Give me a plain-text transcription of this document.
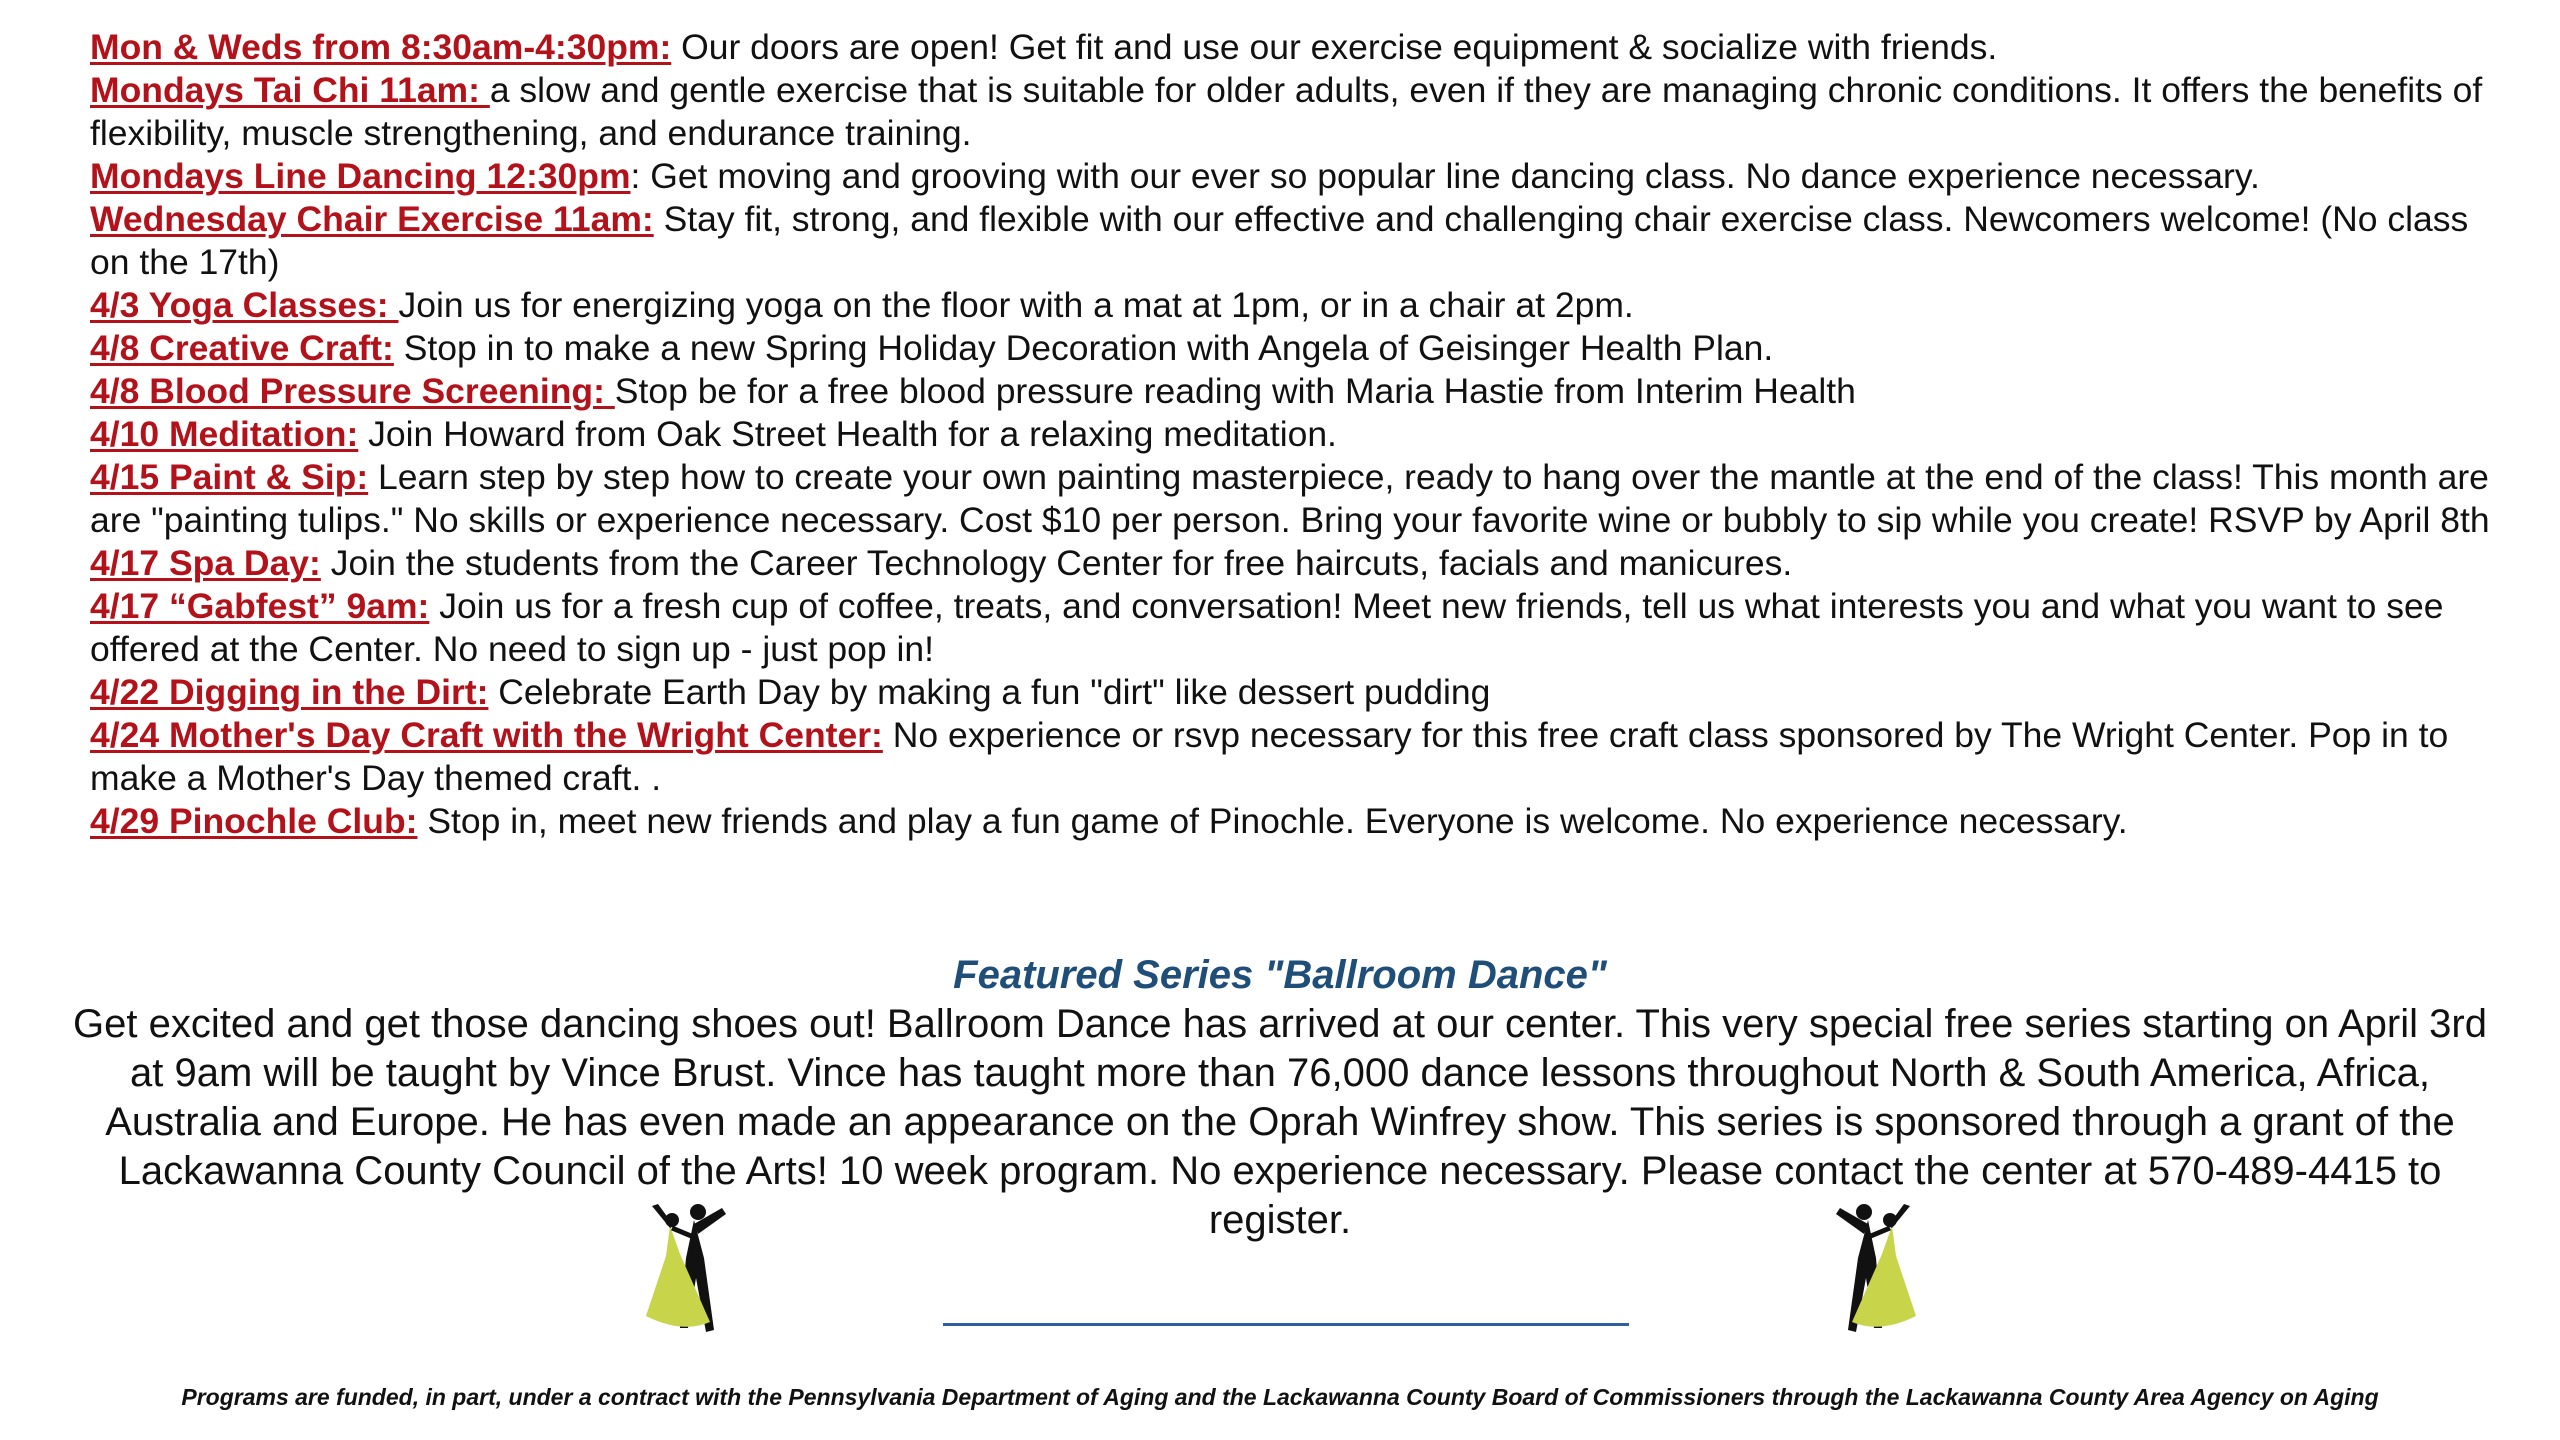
Mon & Weds from 8:30am-4:30pm: Our doors are open! Get fit and use our exercise equipment & socialize with friends.

Mondays Tai Chi 11am: a slow and gentle exercise that is suitable for older adults, even if they are managing chronic conditions. It offers the benefits of flexibility, muscle strengthening, and endurance training.

Mondays Line Dancing 12:30pm: Get moving and grooving with our ever so popular line dancing class. No dance experience necessary.

Wednesday Chair Exercise 11am: Stay fit, strong, and flexible with our effective and challenging chair exercise class. Newcomers welcome! (No class on the 17th)

4/3 Yoga Classes: Join us for energizing yoga on the floor with a mat at 1pm, or in a chair at 2pm.

4/8 Creative Craft: Stop in to make a new Spring Holiday Decoration with Angela of Geisinger Health Plan.

4/8 Blood Pressure Screening: Stop be for a free blood pressure reading with Maria Hastie from Interim Health

4/10 Meditation: Join Howard from Oak Street Health for a relaxing meditation.

4/15 Paint & Sip: Learn step by step how to create your own painting masterpiece, ready to hang over the mantle at the end of the class! This month are are "painting tulips." No skills or experience necessary. Cost $10 per person. Bring your favorite wine or bubbly to sip while you create! RSVP by April 8th

4/17 Spa Day: Join the students from the Career Technology Center for free haircuts, facials and manicures.

4/17 “Gabfest” 9am: Join us for a fresh cup of coffee, treats, and conversation! Meet new friends, tell us what interests you and what you want to see offered at the Center. No need to sign up - just pop in!

4/22 Digging in the Dirt: Celebrate Earth Day by making a fun "dirt" like dessert pudding

4/24 Mother's Day Craft with the Wright Center: No experience or rsvp necessary for this free craft class sponsored by The Wright Center. Pop in to make a Mother's Day themed craft. .

4/29 Pinochle Club: Stop in, meet new friends and play a fun game of Pinochle. Everyone is welcome. No experience necessary.

Featured Series "Ballroom Dance"

Get excited and get those dancing shoes out! Ballroom Dance has arrived at our center. This very special free series starting on April 3rd at 9am will be taught by Vince Brust. Vince has taught more than 76,000 dance lessons throughout North & South America, Africa, Australia and Europe. He has even made an appearance on the Oprah Winfrey show. This series is sponsored through a grant of the Lackawanna County Council of the Arts! 10 week program. No experience necessary. Please contact the center at 570-489-4415 to register.

Programs are funded, in part, under a contract with the Pennsylvania Department of Aging and the Lackawanna County Board of Commissioners through the Lackawanna County Area Agency on Aging
